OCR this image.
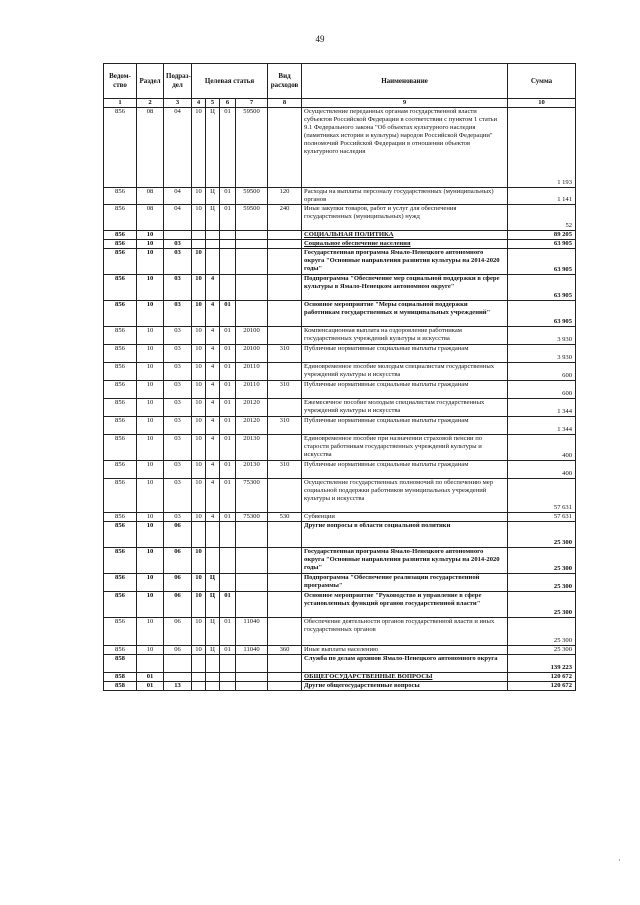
49
Ведом-ство	Раздел	Подраз-дел	Целевая статья				Вид расходов	Наименование	Сумма
1	2	3	4	5	6	7	8	9	10
856	08	04	10	Ц	01	59500		Осуществление переданных органам государственной власти субъектов Российской Федерации в соответствии с пунктом 1 статьи 9.1 Федерального закона "Об объектах культурного наследия (памятниках истории и культуры) народов Российской Федерации" полномочий Российской Федерации в отношении объектов культурного наследия	1 193
856	08	04	10	Ц	01	59500	120	Расходы на выплаты персоналу государственных (муниципальных) органов	1 141
856	08	04	10	Ц	01	59500	240	Иные закупки товаров, работ и услуг для обеспечения государственных (муниципальных) нужд	52
856	10							СОЦИАЛЬНАЯ ПОЛИТИКА	89 205
856	10	03						Социальное обеспечение населения	63 905
856	10	03	10					Государственная программа Ямало-Ненецкого автономного округа "Основные направления развития культуры на 2014-2020 годы"	63 905
856	10	03	10	4				Подпрограмма "Обеспечение мер социальной поддержки в сфере культуры в Ямало-Ненецком автономном округе"	63 905
856	10	03	10	4	01			Основное мероприятие "Меры социальной поддержки работникам государственных и муниципальных учреждений"	63 905
856	10	03	10	4	01	20100		Компенсационная выплата на оздоровление работникам государственных учреждений культуры и искусства	3 930
856	10	03	10	4	01	20100	310	Публичные нормативные социальные выплаты гражданам	3 930
856	10	03	10	4	01	20110		Единовременное пособие молодым специалистам государственных учреждений культуры и искусства	600
856	10	03	10	4	01	20110	310	Публичные нормативные социальные выплаты гражданам	600
856	10	03	10	4	01	20120		Ежемесячное пособие молодым специалистам государственных учреждений культуры и искусства	1 344
856	10	03	10	4	01	20120	310	Публичные нормативные социальные выплаты гражданам	1 344
856	10	03	10	4	01	20130		Единовременное пособие при назначении страховой пенсии по старости работникам государственных учреждений культуры и искусства	400
856	10	03	10	4	01	20130	310	Публичные нормативные социальные выплаты гражданам	400
856	10	03	10	4	01	75300		Осуществление государственных полномочий по обеспечению мер социальной поддержки работников муниципальных учреждений культуры и искусства	57 631
856	10	03	10	4	01	75300	530	Субвенции	57 631
856	10	06						Другие вопросы в области социальной политики	25 300
856	10	06	10					Государственная программа Ямало-Ненецкого автономного округа "Основные направления развития культуры на 2014-2020 годы"	25 300
856	10	06	10	Ц				Подпрограмма "Обеспечение реализации государственной программы"	25 300
856	10	06	10	Ц	01			Основное мероприятие "Руководство и управление в сфере установленных функций органов государственной власти"	25 300
856	10	06	10	Ц	01	11040		Обеспечение деятельности органов государственной власти и иных государственных органов	25 300
856	10	06	10	Ц	01	11040	360	Иные выплаты населению	25 300
858								Служба по делам архивов Ямало-Ненецкого автономного округа	139 223
858	01							ОБЩЕГОСУДАРСТВЕННЫЕ ВОПРОСЫ	120 672
858	01	13						Другие общегосударственные вопросы	120 672
·
